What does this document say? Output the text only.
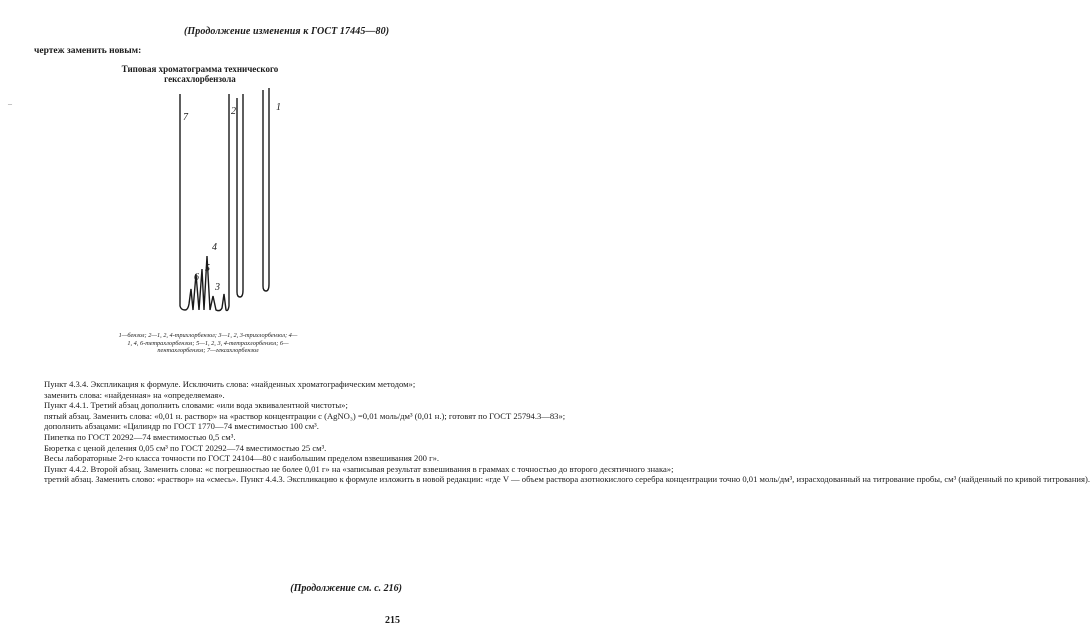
(Продолжение изменения к ГОСТ 17445—80)
–
чертеж заменить новым:
Типовая хроматограмма технического гексахлорбензола
7
2	1
4
5
6
3
1—бензол; 2—1, 2, 4-трихлорбензол; 3—1, 2, 3-трихлорбензол; 4—1, 4, 6-тетрахлорбензол; 5—1, 2, 3, 4-тетрахлорбензол; 6—пентахлорбензол; 7—гексахлорбензол

Пункт 4.3.4. Экспликация к формуле. Исключить слова: «найденных хроматографическим методом»;

заменить слова: «найденная» на «определяемая».

Пункт 4.4.1. Третий абзац дополнить словами: «или вода эквивалентной чистоты»;

пятый абзац. Заменить слова: «0,01 н. раствор» на «раствор концентрации с (AgNO₃) =0,01 моль/дм³ (0,01 н.); готовят по ГОСТ 25794.3—83»;

дополнить абзацами: «Цилиндр по ГОСТ 1770—74 вместимостью 100 см³.

Пипетка по ГОСТ 20292—74 вместимостью 0,5 см³.

Бюретка с ценой деления 0,05 см³ по ГОСТ 20292—74 вместимостью 25 см³.

Весы лабораторные 2-го класса точности по ГОСТ 24104—80 с наибольшим пределом взвешивания 200 г».

Пункт 4.4.2. Второй абзац. Заменить слова: «с погрешностью не более 0,01 г» на «записывая результат взвешивания в граммах с точностью до второго десятичного знака»;

третий абзац. Заменить слово: «раствор» на «смесь». Пункт 4.4.3. Экспликацию к формуле изложить в новой редакции: «где V — объем раствора азотнокислого серебра концентрации точно 0,01 моль/дм³, израсходованный на титрование пробы, см³ (найденный по кривой титрования).

(Продолжение см. с. 216)
215
